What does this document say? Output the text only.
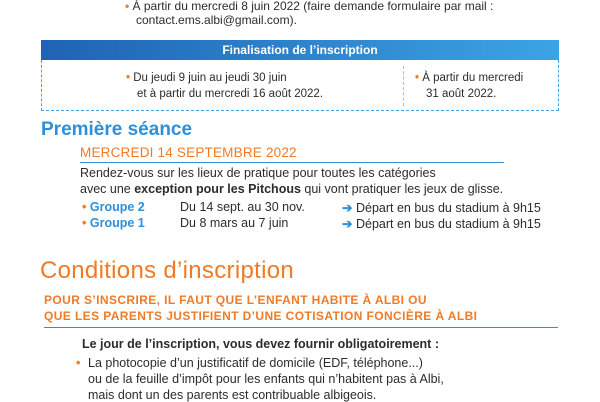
• À partir du mercredi 8 juin 2022 (faire demande formulaire par mail :
contact.ems.albi@gmail.com).
Finalisation de l’inscription
• Du jeudi 9 juin au jeudi 30 juin
et à partir du mercredi 16 août 2022.
• À partir du mercredi
31 août 2022.
Première séance
MERCREDI 14 SEPTEMBRE 2022
Rendez-vous sur les lieux de pratique pour toutes les catégories
avec une exception pour les Pitchous qui vont pratiquer les jeux de glisse.
• Groupe 2	Du 14 sept. au 30 nov.	➔ Départ en bus du stadium à 9h15
• Groupe 1	Du 8 mars au 7 juin	➔ Départ en bus du stadium à 9h15
Conditions d’inscription
POUR S’INSCRIRE, IL FAUT QUE L’ENFANT HABITE À ALBI OU
QUE LES PARENTS JUSTIFIENT D’UNE COTISATION FONCIÈRE À ALBI
Le jour de l’inscription, vous devez fournir obligatoirement :
• La photocopie d’un justificatif de domicile (EDF, téléphone...)
ou de la feuille d’impôt pour les enfants qui n’habitent pas à Albi,
mais dont un des parents est contribuable albigeois.
